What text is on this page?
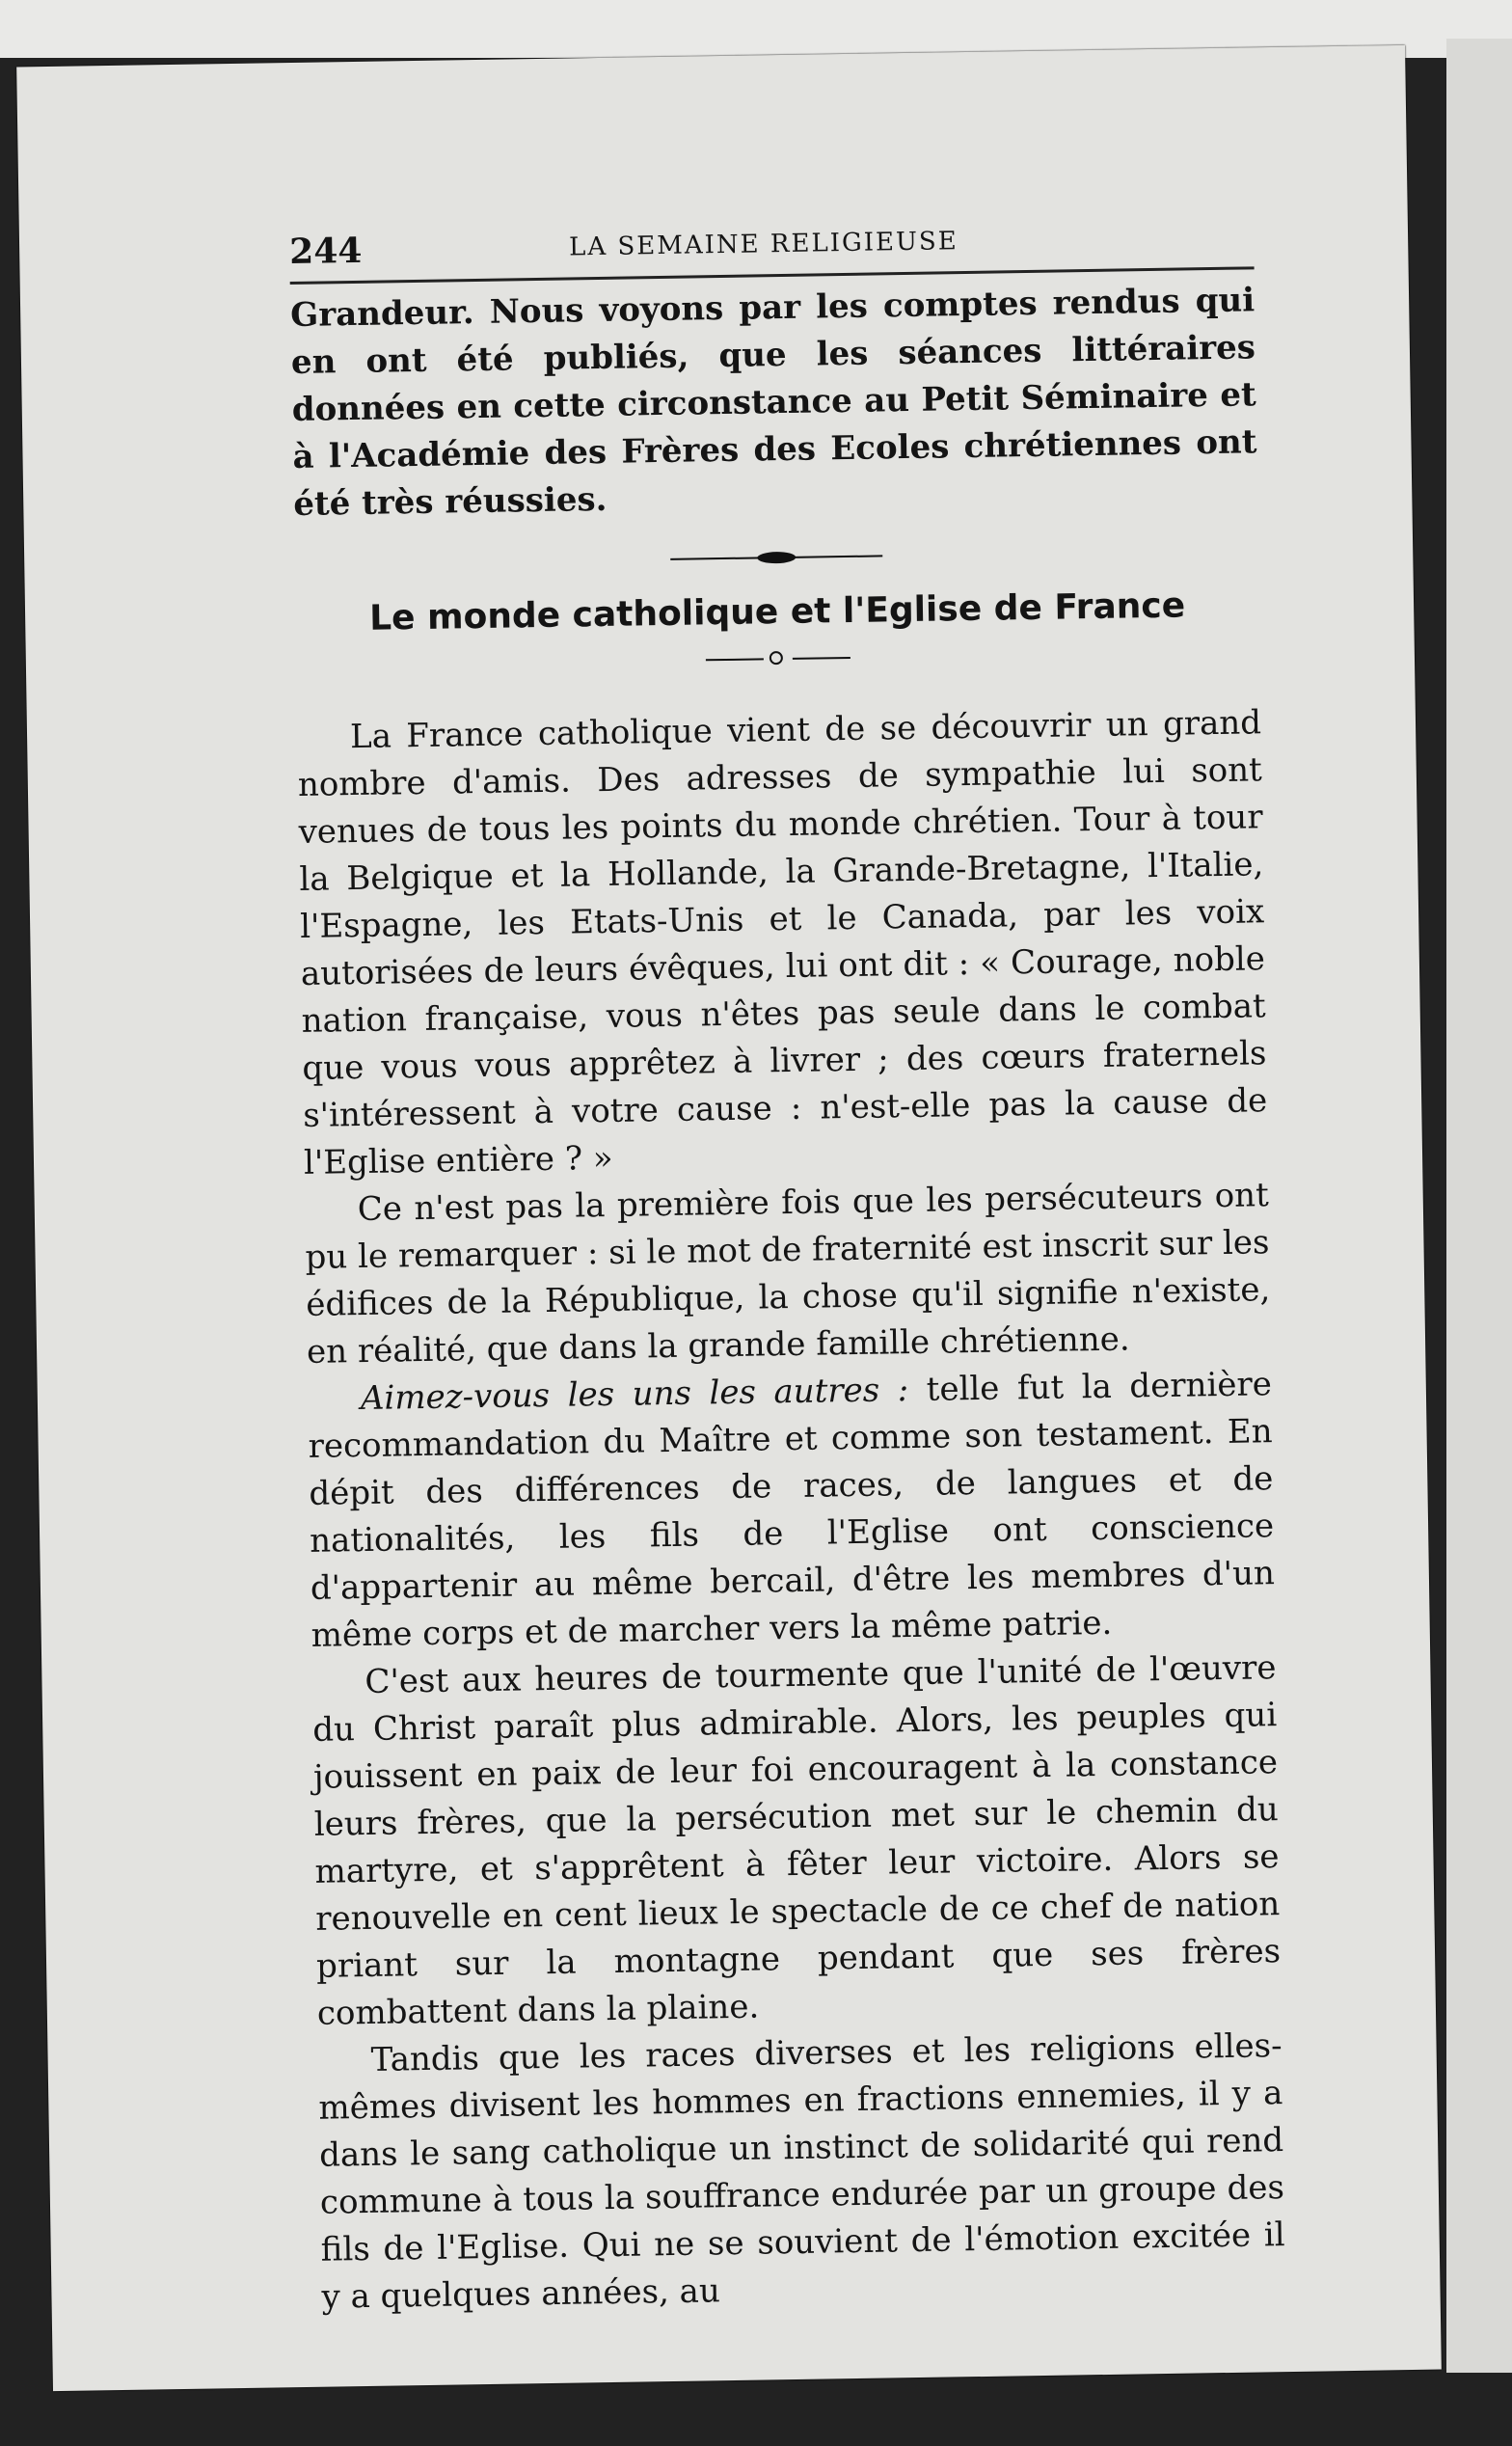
244	LA SEMAINE RELIGIEUSE

Grandeur. Nous voyons par les comptes rendus qui en ont été publiés, que les séances littéraires données en cette circonstance au Petit Séminaire et à l'Académie des Frères des Ecoles chrétiennes ont été très réussies.

Le monde catholique et l'Eglise de France

La France catholique vient de se découvrir un grand nombre d'amis. Des adresses de sympathie lui sont venues de tous les points du monde chrétien. Tour à tour la Belgique et la Hollande, la Grande-Bretagne, l'Italie, l'Espagne, les Etats-Unis et le Canada, par les voix autorisées de leurs évêques, lui ont dit : « Courage, noble nation française, vous n'êtes pas seule dans le combat que vous vous apprêtez à livrer ; des cœurs fraternels s'intéressent à votre cause : n'est-elle pas la cause de l'Eglise entière ? »

Ce n'est pas la première fois que les persécuteurs ont pu le remarquer : si le mot de fraternité est inscrit sur les édifices de la République, la chose qu'il signifie n'existe, en réalité, que dans la grande famille chrétienne.

Aimez-vous les uns les autres : telle fut la dernière recommandation du Maître et comme son testament. En dépit des différences de races, de langues et de nationalités, les fils de l'Eglise ont conscience d'appartenir au même bercail, d'être les membres d'un même corps et de marcher vers la même patrie.

C'est aux heures de tourmente que l'unité de l'œuvre du Christ paraît plus admirable. Alors, les peuples qui jouissent en paix de leur foi encouragent à la constance leurs frères, que la persécution met sur le chemin du martyre, et s'apprêtent à fêter leur victoire. Alors se renouvelle en cent lieux le spectacle de ce chef de nation priant sur la montagne pendant que ses frères combattent dans la plaine.

Tandis que les races diverses et les religions elles-mêmes divisent les hommes en fractions ennemies, il y a dans le sang catholique un instinct de solidarité qui rend commune à tous la souffrance endurée par un groupe des fils de l'Eglise. Qui ne se souvient de l'émotion excitée il y a quelques années, au
